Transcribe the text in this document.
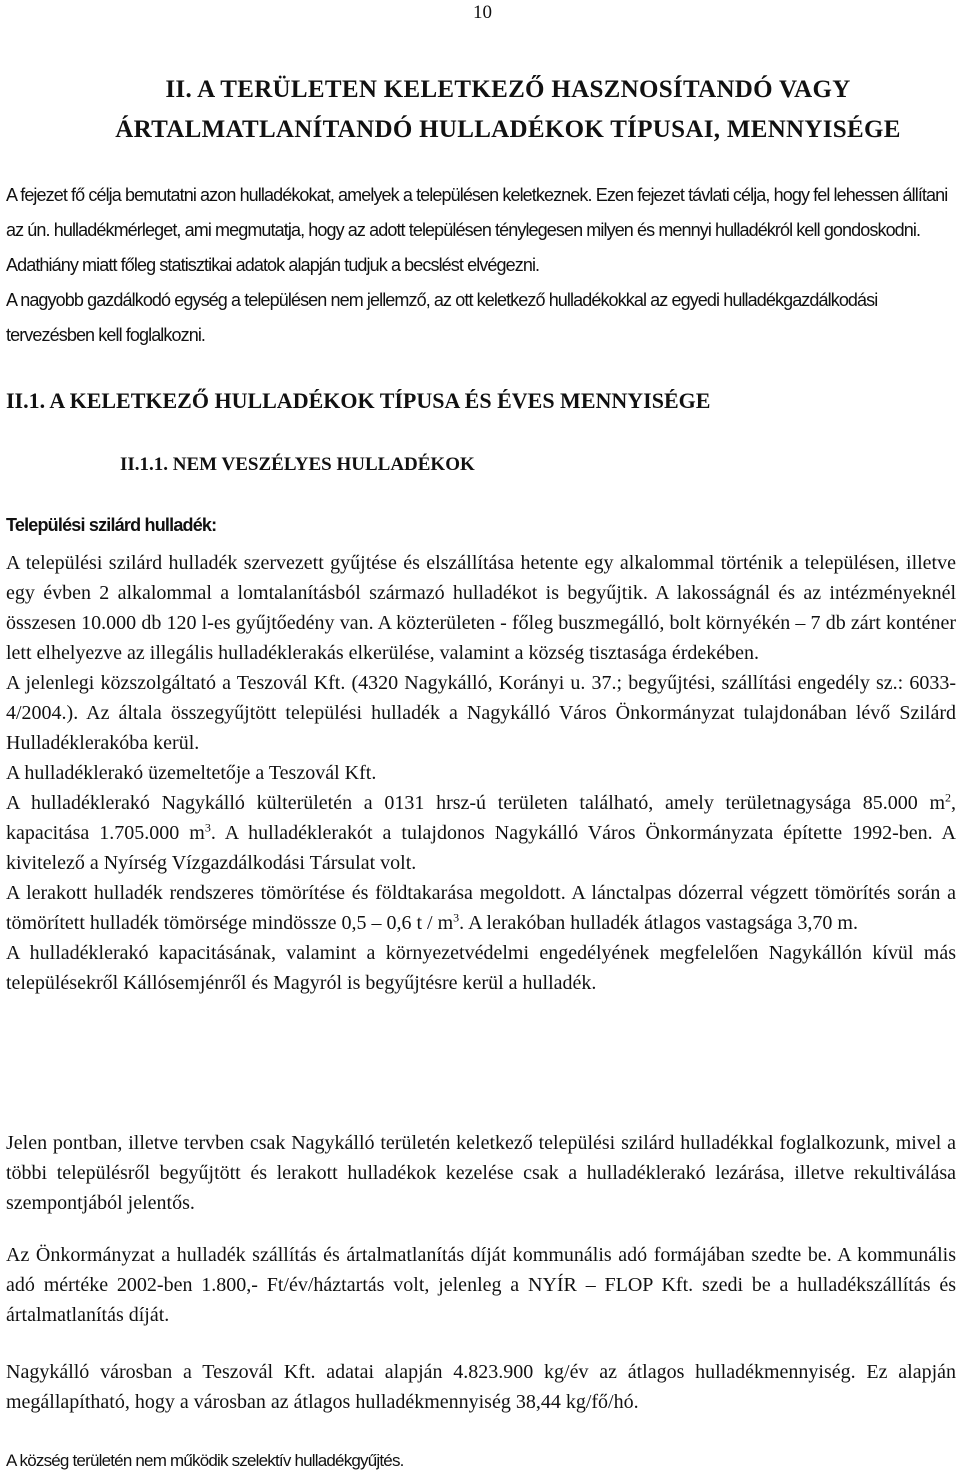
10
II. A TERÜLETEN KELETKEZŐ HASZNOSÍTANDÓ VAGY
ÁRTALMATLANÍTANDÓ HULLADÉKOK TÍPUSAI, MENNYISÉGE
A fejezet fő célja bemutatni azon hulladékokat, amelyek a településen keletkeznek. Ezen fejezet távlati célja, hogy fel lehessen állítani az ún. hulladékmérleget, ami megmutatja, hogy az adott településen ténylegesen milyen és mennyi hulladékról kell gondoskodni. Adathiány miatt főleg statisztikai adatok alapján tudjuk a becslést elvégezni.
A nagyobb gazdálkodó egység a településen nem jellemző, az ott keletkező hulladékokkal az egyedi hulladékgazdálkodási tervezésben kell foglalkozni.
II.1. A KELETKEZŐ HULLADÉKOK TÍPUSA ÉS ÉVES MENNYISÉGE
II.1.1. NEM VESZÉLYES HULLADÉKOK
Települési szilárd hulladék:

A települési szilárd hulladék szervezett gyűjtése és elszállítása hetente egy alkalommal történik a településen, illetve egy évben 2 alkalommal a lomtalanításból származó hulladékot is begyűjtik. A lakosságnál és az intézményeknél összesen 10.000 db 120 l-es gyűjtőedény van. A közterületen - főleg buszmegálló, bolt környékén – 7 db zárt konténer lett elhelyezve az illegális hulladéklerakás elkerülése, valamint a község tisztasága érdekében.

A jelenlegi közszolgáltató a Teszovál Kft. (4320 Nagykálló, Korányi u. 37.; begyűjtési, szállítási engedély sz.: 6033-4/2004.). Az általa összegyűjtött települési hulladék a Nagykálló Város Önkormányzat tulajdonában lévő Szilárd Hulladéklerakóba kerül.

A hulladéklerakó üzemeltetője a Teszovál Kft.

A hulladéklerakó Nagykálló külterületén a 0131 hrsz-ú területen található, amely területnagysága 85.000 $m^2$, kapacitása 1.705.000 $m^3$. A hulladéklerakót a tulajdonos Nagykálló Város Önkormányzata építette 1992-ben. A kivitelező a Nyírség Vízgazdálkodási Társulat volt.

A lerakott hulladék rendszeres tömörítése és földtakarása megoldott. A lánctalpas dózerral végzett tömörítés során a tömörített hulladék tömörsége mindössze 0,5 – 0,6 t / $m^3$. A lerakóban hulladék átlagos vastagsága 3,70 m.

A hulladéklerakó kapacitásának, valamint a környezetvédelmi engedélyének megfelelően Nagykállón kívül más településekről Kállósemjénről és Magyról is begyűjtésre kerül a hulladék.

Jelen pontban, illetve tervben csak Nagykálló területén keletkező települési szilárd hulladékkal foglalkozunk, mivel a többi településről begyűjtött és lerakott hulladékok kezelése csak a hulladéklerakó lezárása, illetve rekultiválása szempontjából jelentős.

Az Önkormányzat a hulladék szállítás és ártalmatlanítás díját kommunális adó formájában szedte be. A kommunális adó mértéke 2002-ben 1.800,- Ft/év/háztartás volt, jelenleg a NYÍR – FLOP Kft. szedi be a hulladékszállítás és ártalmatlanítás díját.

Nagykálló városban a Teszovál Kft. adatai alapján 4.823.900 kg/év az átlagos hulladékmennyiség. Ez alapján megállapítható, hogy a városban az átlagos hulladékmennyiség 38,44 kg/fő/hó.

A község területén nem működik szelektív hulladékgyűjtés.
